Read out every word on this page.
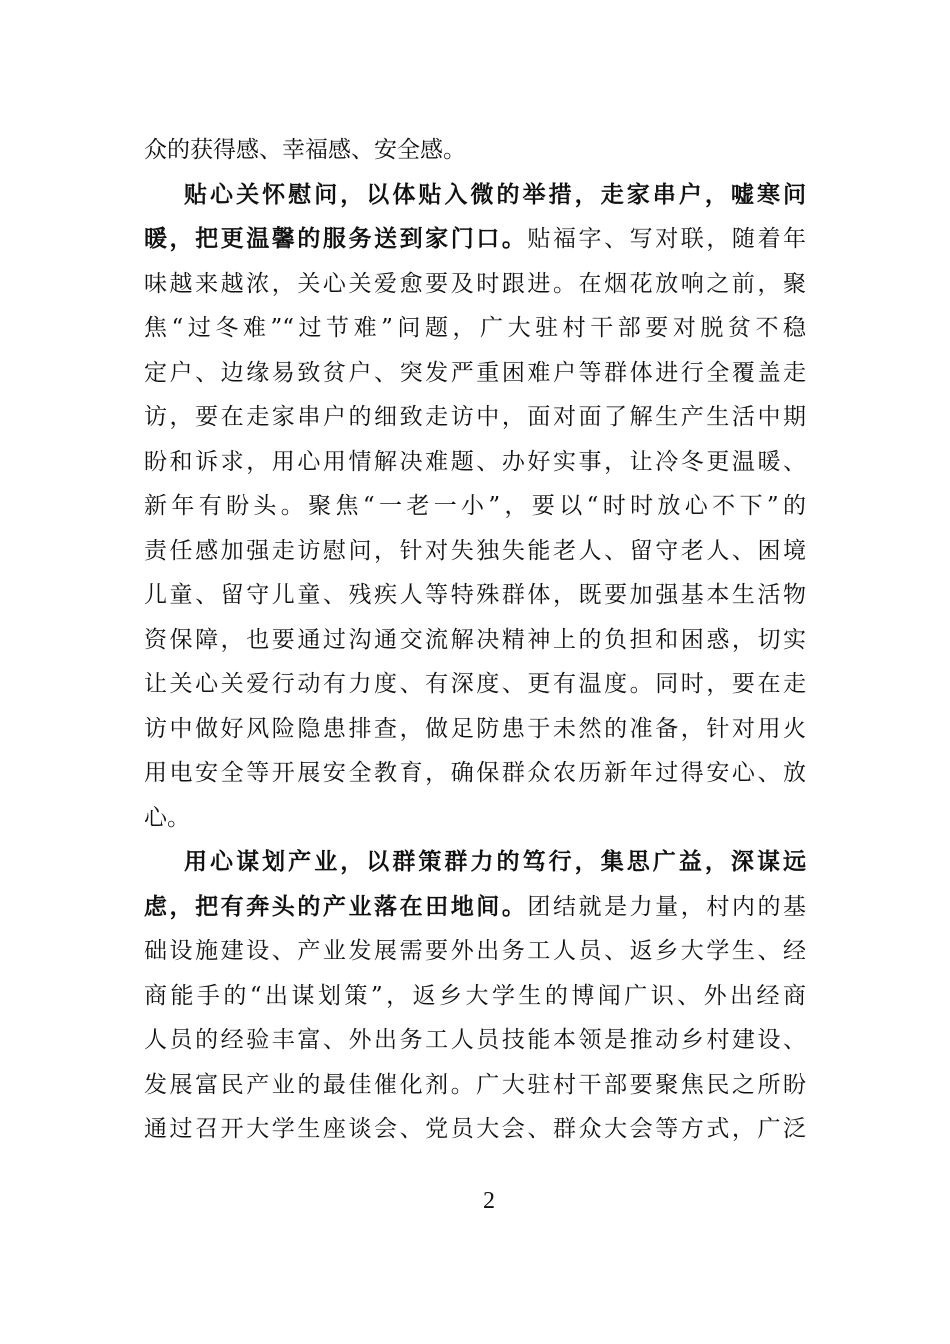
众的获得感、幸福感、安全感。
贴心关怀慰问，以体贴入微的举措，走家串户，嘘寒问
暖，把更温馨的服务送到家门口。贴福字、写对联，随着年
味越来越浓，关心关爱愈要及时跟进。在烟花放响之前，聚
焦“过冬难”“过节难”问题，广大驻村干部要对脱贫不稳
定户、边缘易致贫户、突发严重困难户等群体进行全覆盖走
访，要在走家串户的细致走访中，面对面了解生产生活中期
盼和诉求，用心用情解决难题、办好实事，让冷冬更温暖、
新年有盼头。聚焦“一老一小”，要以“时时放心不下”的
责任感加强走访慰问，针对失独失能老人、留守老人、困境
儿童、留守儿童、残疾人等特殊群体，既要加强基本生活物
资保障，也要通过沟通交流解决精神上的负担和困惑，切实
让关心关爱行动有力度、有深度、更有温度。同时，要在走
访中做好风险隐患排查，做足防患于未然的准备，针对用火
用电安全等开展安全教育，确保群众农历新年过得安心、放
心。
用心谋划产业，以群策群力的笃行，集思广益，深谋远
虑，把有奔头的产业落在田地间。团结就是力量，村内的基
础设施建设、产业发展需要外出务工人员、返乡大学生、经
商能手的“出谋划策”，返乡大学生的博闻广识、外出经商
人员的经验丰富、外出务工人员技能本领是推动乡村建设、
发展富民产业的最佳催化剂。广大驻村干部要聚焦民之所盼
通过召开大学生座谈会、党员大会、群众大会等方式，广泛
2
